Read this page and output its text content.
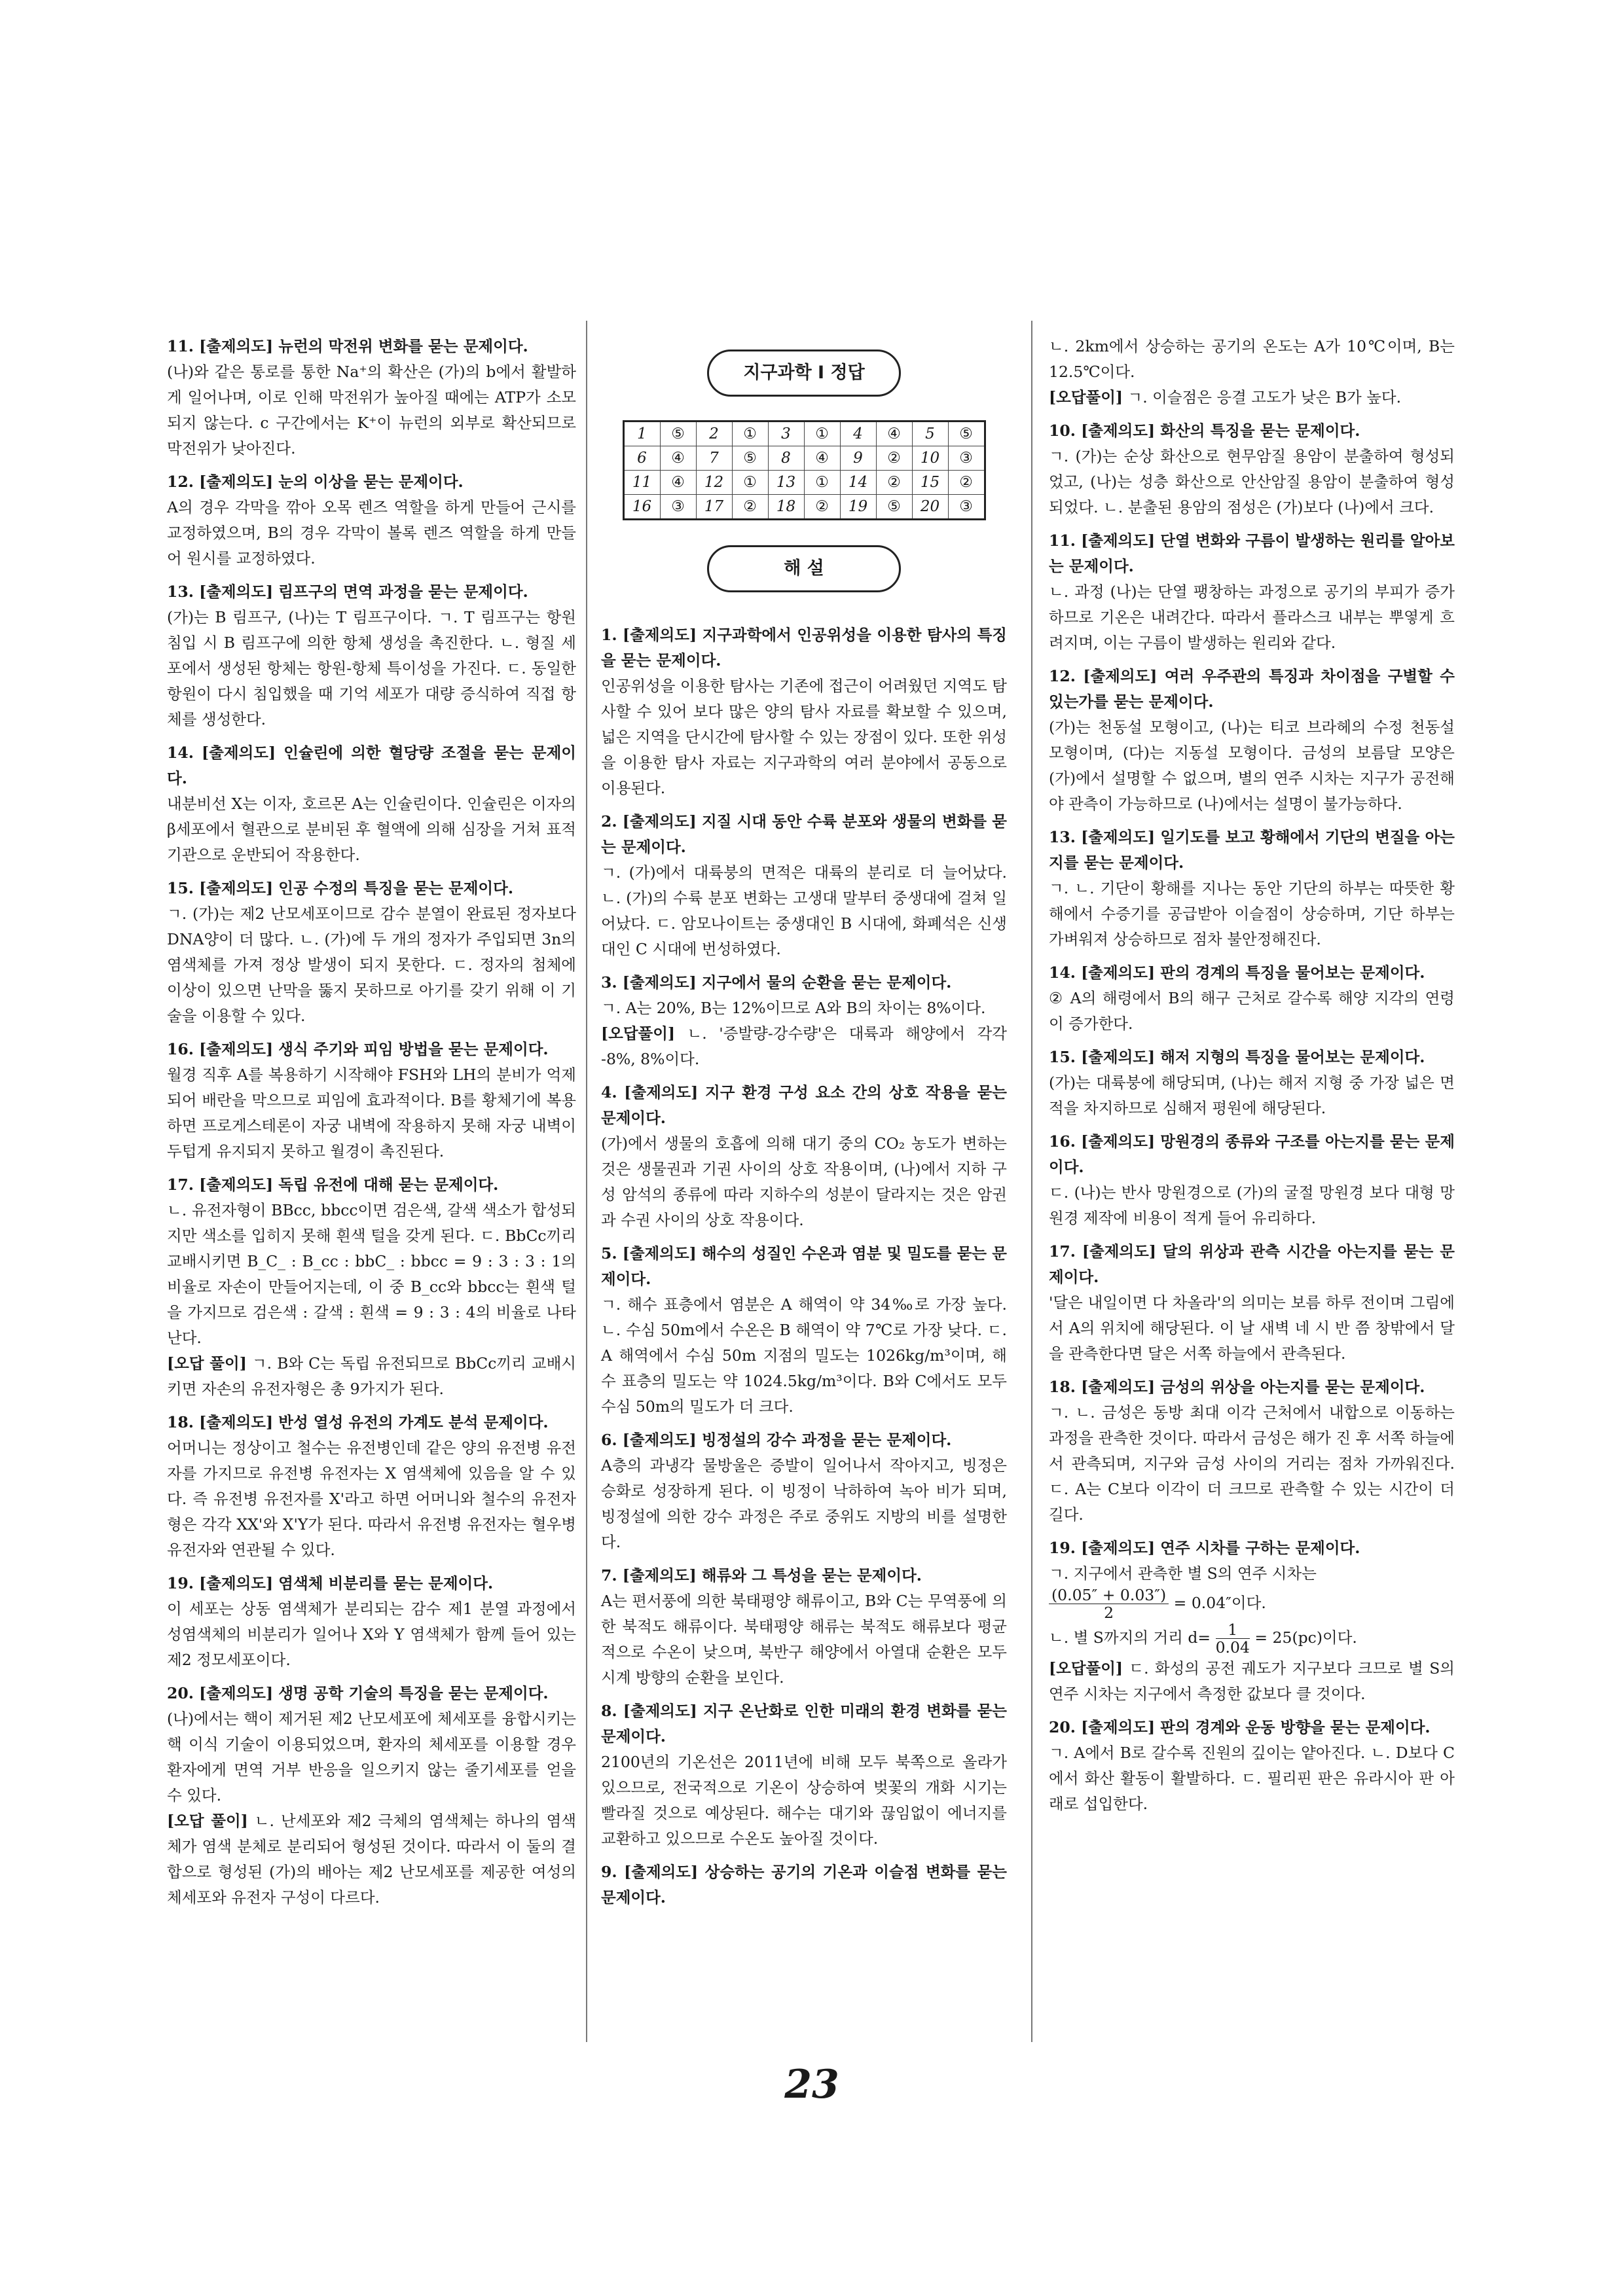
11. [출제의도] 뉴런의 막전위 변화를 묻는 문제이다.

(나)와 같은 통로를 통한 Na⁺의 확산은 (가)의 b에서 활발하게 일어나며, 이로 인해 막전위가 높아질 때에는 ATP가 소모되지 않는다. c 구간에서는 K⁺이 뉴런의 외부로 확산되므로 막전위가 낮아진다.

12. [출제의도] 눈의 이상을 묻는 문제이다.

A의 경우 각막을 깎아 오목 렌즈 역할을 하게 만들어 근시를 교정하였으며, B의 경우 각막이 볼록 렌즈 역할을 하게 만들어 원시를 교정하였다.

13. [출제의도] 림프구의 면역 과정을 묻는 문제이다.

(가)는 B 림프구, (나)는 T 림프구이다. ㄱ. T 림프구는 항원 침입 시 B 림프구에 의한 항체 생성을 촉진한다. ㄴ. 형질 세포에서 생성된 항체는 항원-항체 특이성을 가진다. ㄷ. 동일한 항원이 다시 침입했을 때 기억 세포가 대량 증식하여 직접 항체를 생성한다.

14. [출제의도] 인슐린에 의한 혈당량 조절을 묻는 문제이다.

내분비선 X는 이자, 호르몬 A는 인슐린이다. 인슐린은 이자의 β세포에서 혈관으로 분비된 후 혈액에 의해 심장을 거쳐 표적 기관으로 운반되어 작용한다.

15. [출제의도] 인공 수정의 특징을 묻는 문제이다.

ㄱ. (가)는 제2 난모세포이므로 감수 분열이 완료된 정자보다 DNA양이 더 많다. ㄴ. (가)에 두 개의 정자가 주입되면 3n의 염색체를 가져 정상 발생이 되지 못한다. ㄷ. 정자의 첨체에 이상이 있으면 난막을 뚫지 못하므로 아기를 갖기 위해 이 기술을 이용할 수 있다.

16. [출제의도] 생식 주기와 피임 방법을 묻는 문제이다.

월경 직후 A를 복용하기 시작해야 FSH와 LH의 분비가 억제되어 배란을 막으므로 피임에 효과적이다. B를 황체기에 복용하면 프로게스테론이 자궁 내벽에 작용하지 못해 자궁 내벽이 두텁게 유지되지 못하고 월경이 촉진된다.

17. [출제의도] 독립 유전에 대해 묻는 문제이다.

ㄴ. 유전자형이 BBcc, bbcc이면 검은색, 갈색 색소가 합성되지만 색소를 입히지 못해 흰색 털을 갖게 된다. ㄷ. BbCc끼리 교배시키면 B_C_ : B_cc : bbC_ : bbcc = 9 : 3 : 3 : 1의 비율로 자손이 만들어지는데, 이 중 B_cc와 bbcc는 흰색 털을 가지므로 검은색 : 갈색 : 흰색 = 9 : 3 : 4의 비율로 나타난다.

[오답 풀이] ㄱ. B와 C는 독립 유전되므로 BbCc끼리 교배시키면 자손의 유전자형은 총 9가지가 된다.

18. [출제의도] 반성 열성 유전의 가계도 분석 문제이다.

어머니는 정상이고 철수는 유전병인데 같은 양의 유전병 유전자를 가지므로 유전병 유전자는 X 염색체에 있음을 알 수 있다. 즉 유전병 유전자를 X'라고 하면 어머니와 철수의 유전자형은 각각 XX'와 X'Y가 된다. 따라서 유전병 유전자는 혈우병 유전자와 연관될 수 있다.

19. [출제의도] 염색체 비분리를 묻는 문제이다.

이 세포는 상동 염색체가 분리되는 감수 제1 분열 과정에서 성염색체의 비분리가 일어나 X와 Y 염색체가 함께 들어 있는 제2 정모세포이다.

20. [출제의도] 생명 공학 기술의 특징을 묻는 문제이다.

(나)에서는 핵이 제거된 제2 난모세포에 체세포를 융합시키는 핵 이식 기술이 이용되었으며, 환자의 체세포를 이용할 경우 환자에게 면역 거부 반응을 일으키지 않는 줄기세포를 얻을 수 있다.

[오답 풀이] ㄴ. 난세포와 제2 극체의 염색체는 하나의 염색체가 염색 분체로 분리되어 형성된 것이다. 따라서 이 둘의 결합으로 형성된 (가)의 배아는 제2 난모세포를 제공한 여성의 체세포와 유전자 구성이 다르다.

지구과학 Ⅰ 정답
1	⑤	2	①	3	①	4	④	5	⑤
6	④	7	⑤	8	④	9	②	10	③
11	④	12	①	13	①	14	②	15	②
16	③	17	②	18	②	19	⑤	20	③
해 설
1. [출제의도] 지구과학에서 인공위성을 이용한 탐사의 특징을 묻는 문제이다.

인공위성을 이용한 탐사는 기존에 접근이 어려웠던 지역도 탐사할 수 있어 보다 많은 양의 탐사 자료를 확보할 수 있으며, 넓은 지역을 단시간에 탐사할 수 있는 장점이 있다. 또한 위성을 이용한 탐사 자료는 지구과학의 여러 분야에서 공동으로 이용된다.

2. [출제의도] 지질 시대 동안 수륙 분포와 생물의 변화를 묻는 문제이다.

ㄱ. (가)에서 대륙붕의 면적은 대륙의 분리로 더 늘어났다. ㄴ. (가)의 수륙 분포 변화는 고생대 말부터 중생대에 걸쳐 일어났다. ㄷ. 암모나이트는 중생대인 B 시대에, 화폐석은 신생대인 C 시대에 번성하였다.

3. [출제의도] 지구에서 물의 순환을 묻는 문제이다.

ㄱ. A는 20%, B는 12%이므로 A와 B의 차이는 8%이다.

[오답풀이] ㄴ. '증발량-강수량'은 대륙과 해양에서 각각 -8%, 8%이다.

4. [출제의도] 지구 환경 구성 요소 간의 상호 작용을 묻는 문제이다.

(가)에서 생물의 호흡에 의해 대기 중의 CO₂ 농도가 변하는 것은 생물권과 기권 사이의 상호 작용이며, (나)에서 지하 구성 암석의 종류에 따라 지하수의 성분이 달라지는 것은 암권과 수권 사이의 상호 작용이다.

5. [출제의도] 해수의 성질인 수온과 염분 및 밀도를 묻는 문제이다.

ㄱ. 해수 표층에서 염분은 A 해역이 약 34‰로 가장 높다. ㄴ. 수심 50m에서 수온은 B 해역이 약 7℃로 가장 낮다. ㄷ. A 해역에서 수심 50m 지점의 밀도는 1026kg/m³이며, 해수 표층의 밀도는 약 1024.5kg/m³이다. B와 C에서도 모두 수심 50m의 밀도가 더 크다.

6. [출제의도] 빙정설의 강수 과정을 묻는 문제이다.

A층의 과냉각 물방울은 증발이 일어나서 작아지고, 빙정은 승화로 성장하게 된다. 이 빙정이 낙하하여 녹아 비가 되며, 빙정설에 의한 강수 과정은 주로 중위도 지방의 비를 설명한다.

7. [출제의도] 해류와 그 특성을 묻는 문제이다.

A는 편서풍에 의한 북태평양 해류이고, B와 C는 무역풍에 의한 북적도 해류이다. 북태평양 해류는 북적도 해류보다 평균적으로 수온이 낮으며, 북반구 해양에서 아열대 순환은 모두 시계 방향의 순환을 보인다.

8. [출제의도] 지구 온난화로 인한 미래의 환경 변화를 묻는 문제이다.

2100년의 기온선은 2011년에 비해 모두 북쪽으로 올라가 있으므로, 전국적으로 기온이 상승하여 벚꽃의 개화 시기는 빨라질 것으로 예상된다. 해수는 대기와 끊임없이 에너지를 교환하고 있으므로 수온도 높아질 것이다.

9. [출제의도] 상승하는 공기의 기온과 이슬점 변화를 묻는 문제이다.

ㄴ. 2km에서 상승하는 공기의 온도는 A가 10℃이며, B는 12.5℃이다.

[오답풀이] ㄱ. 이슬점은 응결 고도가 낮은 B가 높다.

10. [출제의도] 화산의 특징을 묻는 문제이다.

ㄱ. (가)는 순상 화산으로 현무암질 용암이 분출하여 형성되었고, (나)는 성층 화산으로 안산암질 용암이 분출하여 형성되었다. ㄴ. 분출된 용암의 점성은 (가)보다 (나)에서 크다.

11. [출제의도] 단열 변화와 구름이 발생하는 원리를 알아보는 문제이다.

ㄴ. 과정 (나)는 단열 팽창하는 과정으로 공기의 부피가 증가하므로 기온은 내려간다. 따라서 플라스크 내부는 뿌옇게 흐려지며, 이는 구름이 발생하는 원리와 같다.

12. [출제의도] 여러 우주관의 특징과 차이점을 구별할 수 있는가를 묻는 문제이다.

(가)는 천동설 모형이고, (나)는 티코 브라헤의 수정 천동설 모형이며, (다)는 지동설 모형이다. 금성의 보름달 모양은 (가)에서 설명할 수 없으며, 별의 연주 시차는 지구가 공전해야 관측이 가능하므로 (나)에서는 설명이 불가능하다.

13. [출제의도] 일기도를 보고 황해에서 기단의 변질을 아는지를 묻는 문제이다.

ㄱ. ㄴ. 기단이 황해를 지나는 동안 기단의 하부는 따뜻한 황해에서 수증기를 공급받아 이슬점이 상승하며, 기단 하부는 가벼워져 상승하므로 점차 불안정해진다.

14. [출제의도] 판의 경계의 특징을 물어보는 문제이다.

② A의 해령에서 B의 해구 근처로 갈수록 해양 지각의 연령이 증가한다.

15. [출제의도] 해저 지형의 특징을 물어보는 문제이다.

(가)는 대륙붕에 해당되며, (나)는 해저 지형 중 가장 넓은 면적을 차지하므로 심해저 평원에 해당된다.

16. [출제의도] 망원경의 종류와 구조를 아는지를 묻는 문제이다.

ㄷ. (나)는 반사 망원경으로 (가)의 굴절 망원경 보다 대형 망원경 제작에 비용이 적게 들어 유리하다.

17. [출제의도] 달의 위상과 관측 시간을 아는지를 묻는 문제이다.

'달은 내일이면 다 차올라'의 의미는 보름 하루 전이며 그림에서 A의 위치에 해당된다. 이 날 새벽 네 시 반 쯤 창밖에서 달을 관측한다면 달은 서쪽 하늘에서 관측된다.

18. [출제의도] 금성의 위상을 아는지를 묻는 문제이다.

ㄱ. ㄴ. 금성은 동방 최대 이각 근처에서 내합으로 이동하는 과정을 관측한 것이다. 따라서 금성은 해가 진 후 서쪽 하늘에서 관측되며, 지구와 금성 사이의 거리는 점차 가까워진다. ㄷ. A는 C보다 이각이 더 크므로 관측할 수 있는 시간이 더 길다.

19. [출제의도] 연주 시차를 구하는 문제이다.

ㄱ. 지구에서 관측한 별 S의 연주 시차는

$\frac{(0.05'' + 0.03'')}{2} = 0.04''$이다.

ㄴ. 별 S까지의 거리 $d= \frac{1}{0.04} = 25(pc)$이다.

[오답풀이] ㄷ. 화성의 공전 궤도가 지구보다 크므로 별 S의 연주 시차는 지구에서 측정한 값보다 클 것이다.

20. [출제의도] 판의 경계와 운동 방향을 묻는 문제이다.

ㄱ. A에서 B로 갈수록 진원의 깊이는 얕아진다. ㄴ. D보다 C에서 화산 활동이 활발하다. ㄷ. 필리핀 판은 유라시아 판 아래로 섭입한다.

23
